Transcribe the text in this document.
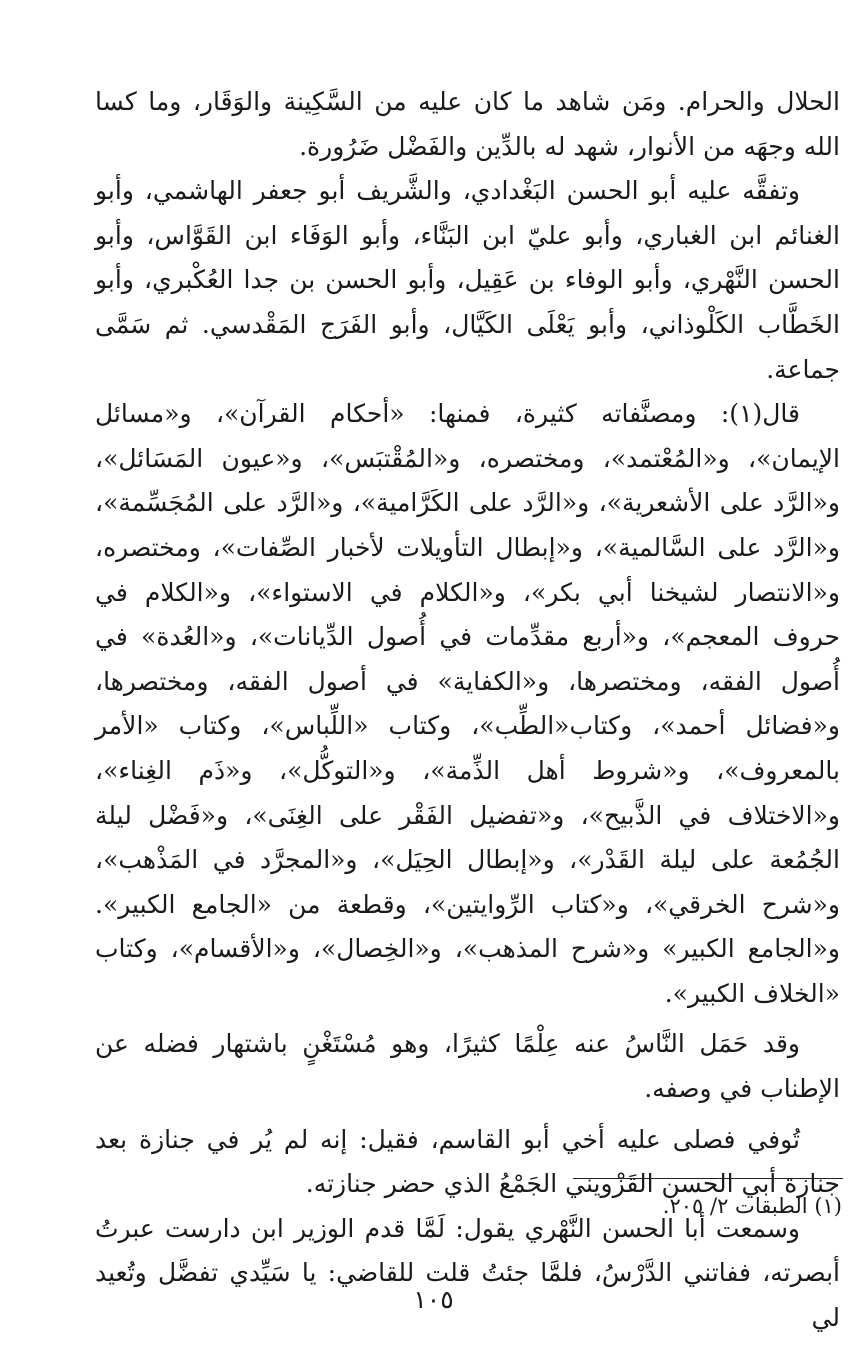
الحلال والحرام. ومَن شاهد ما كان عليه من السَّكِينة والوَقَار، وما كسا الله وجهَه من الأنوار، شهد له بالدِّين والفَضْل ضَرُورة.

وتفقَّه عليه أبو الحسن البَغْدادي، والشَّريف أبو جعفر الهاشمي، وأبو الغنائم ابن الغباري، وأبو عليّ ابن البَنَّاء، وأبو الوَفَاء ابن القَوَّاس، وأبو الحسن النَّهْري، وأبو الوفاء بن عَقِيل، وأبو الحسن بن جدا العُكْبري، وأبو الخَطَّاب الكَلْوذاني، وأبو يَعْلَى الكَيَّال، وأبو الفَرَج المَقْدسي. ثم سَمَّى جماعة.

قال(١): ومصنَّفاته كثيرة، فمنها: «أحكام القرآن»، و«مسائل الإيمان»، و«المُعْتمد»، ومختصره، و«المُقْتبَس»، و«عيون المَسَائل»، و«الرَّد على الأشعرية»، و«الرَّد على الكَرَّامية»، و«الرَّد على المُجَسِّمة»، و«الرَّد على السَّالمية»، و«إبطال التأويلات لأخبار الصِّفات»، ومختصره، و«الانتصار لشيخنا أبي بكر»، و«الكلام في الاستواء»، و«الكلام في حروف المعجم»، و«أربع مقدِّمات في أُصول الدِّيانات»، و«العُدة» في أُصول الفقه، ومختصرها، و«الكفاية» في أصول الفقه، ومختصرها، و«فضائل أحمد»، وكتاب«الطِّب»، وكتاب «اللِّباس»، وكتاب «الأمر بالمعروف»، و«شروط أهل الذِّمة»، و«التوكُّل»، و«ذَم الغِناء»، و«الاختلاف في الذَّبيح»، و«تفضيل الفَقْر على الغِنَى»، و«فَضْل ليلة الجُمُعة على ليلة القَدْر»، و«إبطال الحِيَل»، و«المجرَّد في المَذْهب»، و«شرح الخرقي»، و«كتاب الرِّوايتين»، وقطعة من «الجامع الكبير». و«الجامع الكبير» و«شرح المذهب»، و«الخِصال»، و«الأقسام»، وكتاب «الخلاف الكبير».

وقد حَمَل النَّاسُ عنه عِلْمًا كثيرًا، وهو مُسْتَغْنٍ باشتهار فضله عن الإطناب في وصفه.

تُوفي فصلى عليه أخي أبو القاسم، فقيل: إنه لم يُر في جنازة بعد جنازة أبي الحسن القَزْويني الجَمْعُ الذي حضر جنازته.

وسمعت أبا الحسن النَّهْري يقول: لَمَّا قدم الوزير ابن دارست عبرتُ أبصرته، ففاتني الدَّرْسُ، فلمَّا جئتُ قلت للقاضي: يا سَيِّدي تفضَّل وتُعيد لي

(١) الطبقات ٢/ ٢٠٥.
١٠٥
